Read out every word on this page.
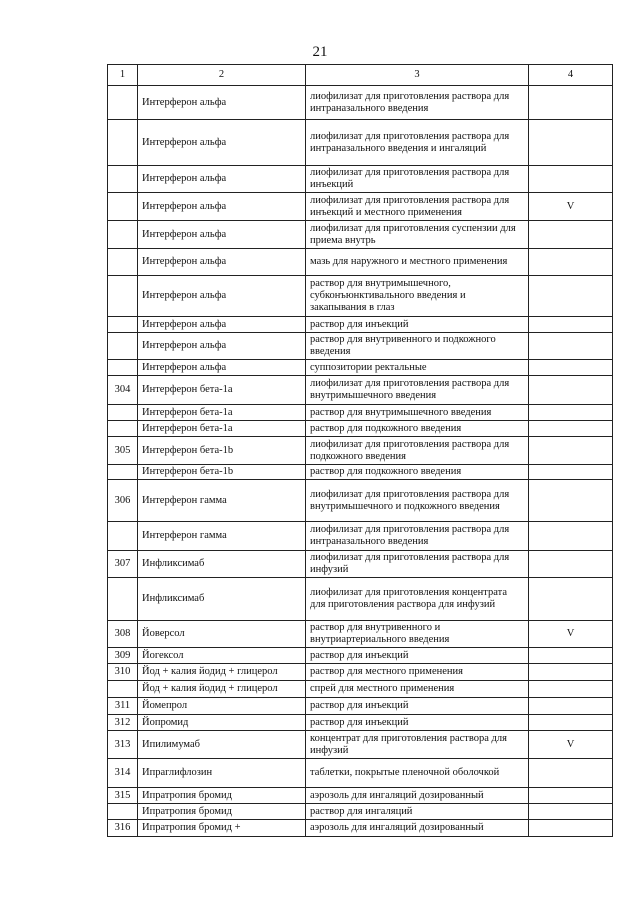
21
1	2	3	4
	Интерферон альфа	лиофилизат для приготовления раствора для интраназального введения	
	Интерферон альфа	лиофилизат для приготовления раствора для интраназального введения и ингаляций	
	Интерферон альфа	лиофилизат для приготовления раствора для инъекций	
	Интерферон альфа	лиофилизат для приготовления раствора для инъекций и местного применения	V
	Интерферон альфа	лиофилизат для приготовления суспензии для приема внутрь	
	Интерферон альфа	мазь для наружного и местного применения	
	Интерферон альфа	раствор для внутримышечного, субконъюнктивального введения и закапывания в глаз	
	Интерферон альфа	раствор для инъекций	
	Интерферон альфа	раствор для внутривенного и подкожного введения	
	Интерферон альфа	суппозитории ректальные	
304	Интерферон бета-1a	лиофилизат для приготовления раствора для внутримышечного введения	
	Интерферон бета-1a	раствор для внутримышечного введения	
	Интерферон бета-1a	раствор для подкожного введения	
305	Интерферон бета-1b	лиофилизат для приготовления раствора для подкожного введения	
	Интерферон бета-1b	раствор для подкожного введения	
306	Интерферон гамма	лиофилизат для приготовления раствора для внутримышечного и подкожного введения	
	Интерферон гамма	лиофилизат для приготовления раствора для интраназального введения	
307	Инфликсимаб	лиофилизат для приготовления раствора для инфузий	
	Инфликсимаб	лиофилизат для приготовления концентрата для приготовления раствора для инфузий	
308	Йоверсол	раствор для внутривенного и внутриартериального введения	V
309	Йогексол	раствор для инъекций	
310	Йод + калия йодид + глицерол	раствор для местного применения	
	Йод + калия йодид + глицерол	спрей для местного применения	
311	Йомепрол	раствор для инъекций	
312	Йопромид	раствор для инъекций	
313	Ипилимумаб	концентрат для приготовления раствора для инфузий	V
314	Ипраглифлозин	таблетки, покрытые пленочной оболочкой	
315	Ипратропия бромид	аэрозоль для ингаляций дозированный	
	Ипратропия бромид	раствор для ингаляций	
316	Ипратропия бромид +	аэрозоль для ингаляций дозированный	
